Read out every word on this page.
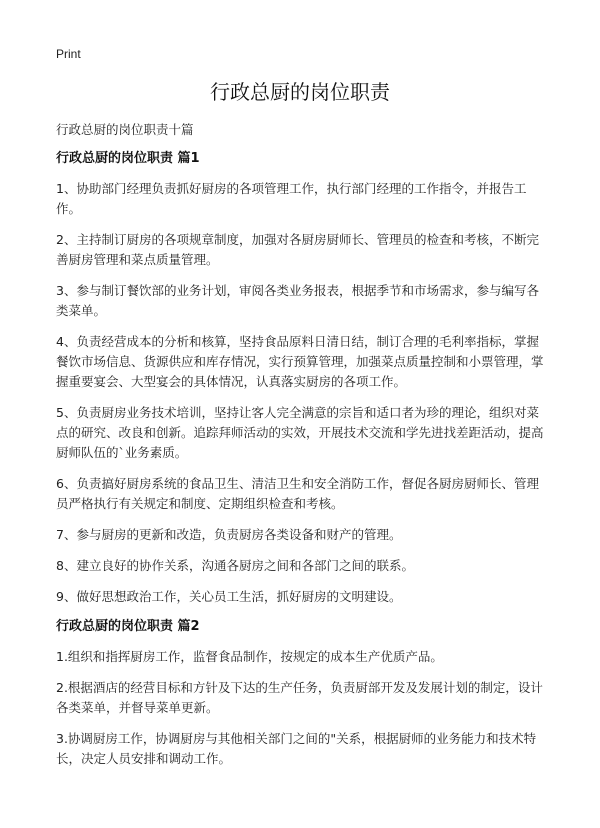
Print
行政总厨的岗位职责
行政总厨的岗位职责十篇
行政总厨的岗位职责 篇1

1、协助部门经理负责抓好厨房的各项管理工作，执行部门经理的工作指令，并报告工作。

2、主持制订厨房的各项规章制度，加强对各厨房厨师长、管理员的检查和考核，不断完善厨房管理和菜点质量管理。

3、参与制订餐饮部的业务计划，审阅各类业务报表，根据季节和市场需求，参与编写各类菜单。

4、负责经营成本的分析和核算，坚持食品原料日清日结，制订合理的毛利率指标，掌握餐饮市场信息、货源供应和库存情况，实行预算管理，加强菜点质量控制和小票管理，掌握重要宴会、大型宴会的具体情况，认真落实厨房的各项工作。

5、负责厨房业务技术培训，坚持让客人完全满意的宗旨和适口者为珍的理论，组织对菜点的研究、改良和创新。追踪拜师活动的实效，开展技术交流和学先进找差距活动，提高厨师队伍的`业务素质。

6、负责搞好厨房系统的食品卫生、清洁卫生和安全消防工作，督促各厨房厨师长、管理员严格执行有关规定和制度、定期组织检查和考核。

7、参与厨房的更新和改造，负责厨房各类设备和财产的管理。

8、建立良好的协作关系，沟通各厨房之间和各部门之间的联系。

9、做好思想政治工作，关心员工生活，抓好厨房的文明建设。

行政总厨的岗位职责 篇2

1.组织和指挥厨房工作，监督食品制作，按规定的成本生产优质产品。

2.根据酒店的经营目标和方针及下达的生产任务，负责厨部开发及发展计划的制定，设计各类菜单，并督导菜单更新。

3.协调厨房工作，协调厨房与其他相关部门之间的"关系，根据厨师的业务能力和技术特长，决定人员安排和调动工作。
